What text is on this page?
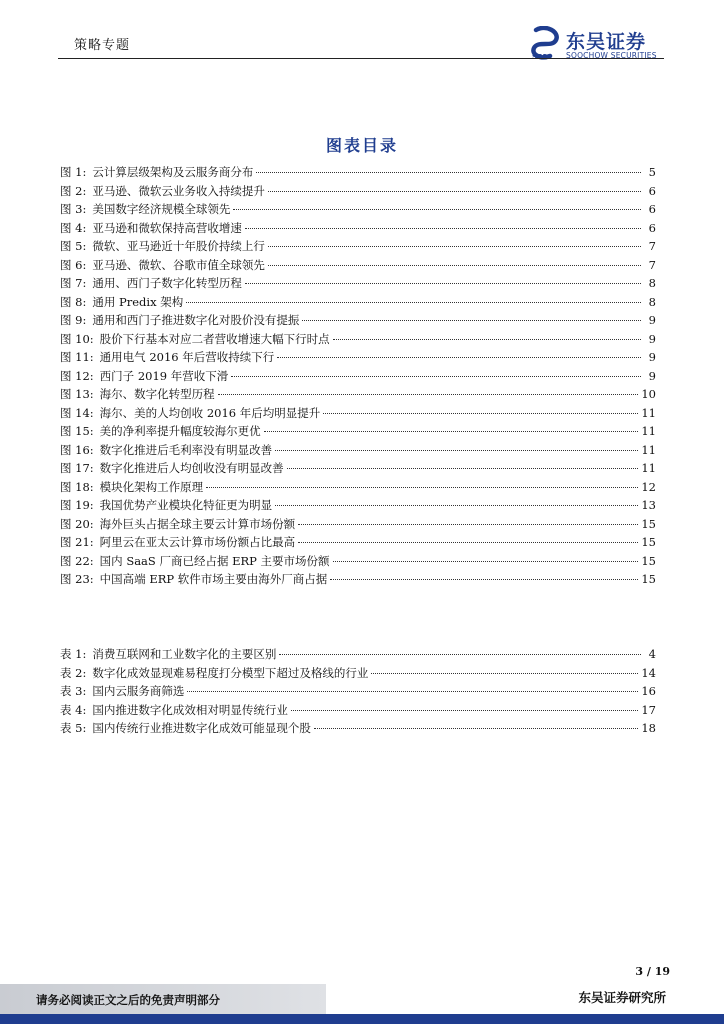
策略专题
SCS
东吴证券
SOOCHOW SECURITIES
图表目录
图 1: 云计算层级架构及云服务商分布	5
图 2: 亚马逊、微软云业务收入持续提升	6
图 3: 美国数字经济规模全球领先	6
图 4: 亚马逊和微软保持高营收增速	6
图 5: 微软、亚马逊近十年股价持续上行	7
图 6: 亚马逊、微软、谷歌市值全球领先	7
图 7: 通用、西门子数字化转型历程	8
图 8: 通用 Predix 架构	8
图 9: 通用和西门子推进数字化对股价没有提振	9
图 10: 股价下行基本对应二者营收增速大幅下行时点	9
图 11: 通用电气 2016 年后营收持续下行	9
图 12: 西门子 2019 年营收下滑	9
图 13: 海尔、数字化转型历程	10
图 14: 海尔、美的人均创收 2016 年后均明显提升	11
图 15: 美的净利率提升幅度较海尔更优	11
图 16: 数字化推进后毛利率没有明显改善	11
图 17: 数字化推进后人均创收没有明显改善	11
图 18: 模块化架构工作原理	12
图 19: 我国优势产业模块化特征更为明显	13
图 20: 海外巨头占据全球主要云计算市场份额	15
图 21: 阿里云在亚太云计算市场份额占比最高	15
图 22: 国内 SaaS 厂商已经占据 ERP 主要市场份额	15
图 23: 中国高端 ERP 软件市场主要由海外厂商占据	15
表 1: 消费互联网和工业数字化的主要区别	4
表 2: 数字化成效显现难易程度打分模型下超过及格线的行业	14
表 3: 国内云服务商筛选	16
表 4: 国内推进数字化成效相对明显传统行业	17
表 5: 国内传统行业推进数字化成效可能显现个股	18
3 / 19
请务必阅读正文之后的免责声明部分	东吴证券研究所
